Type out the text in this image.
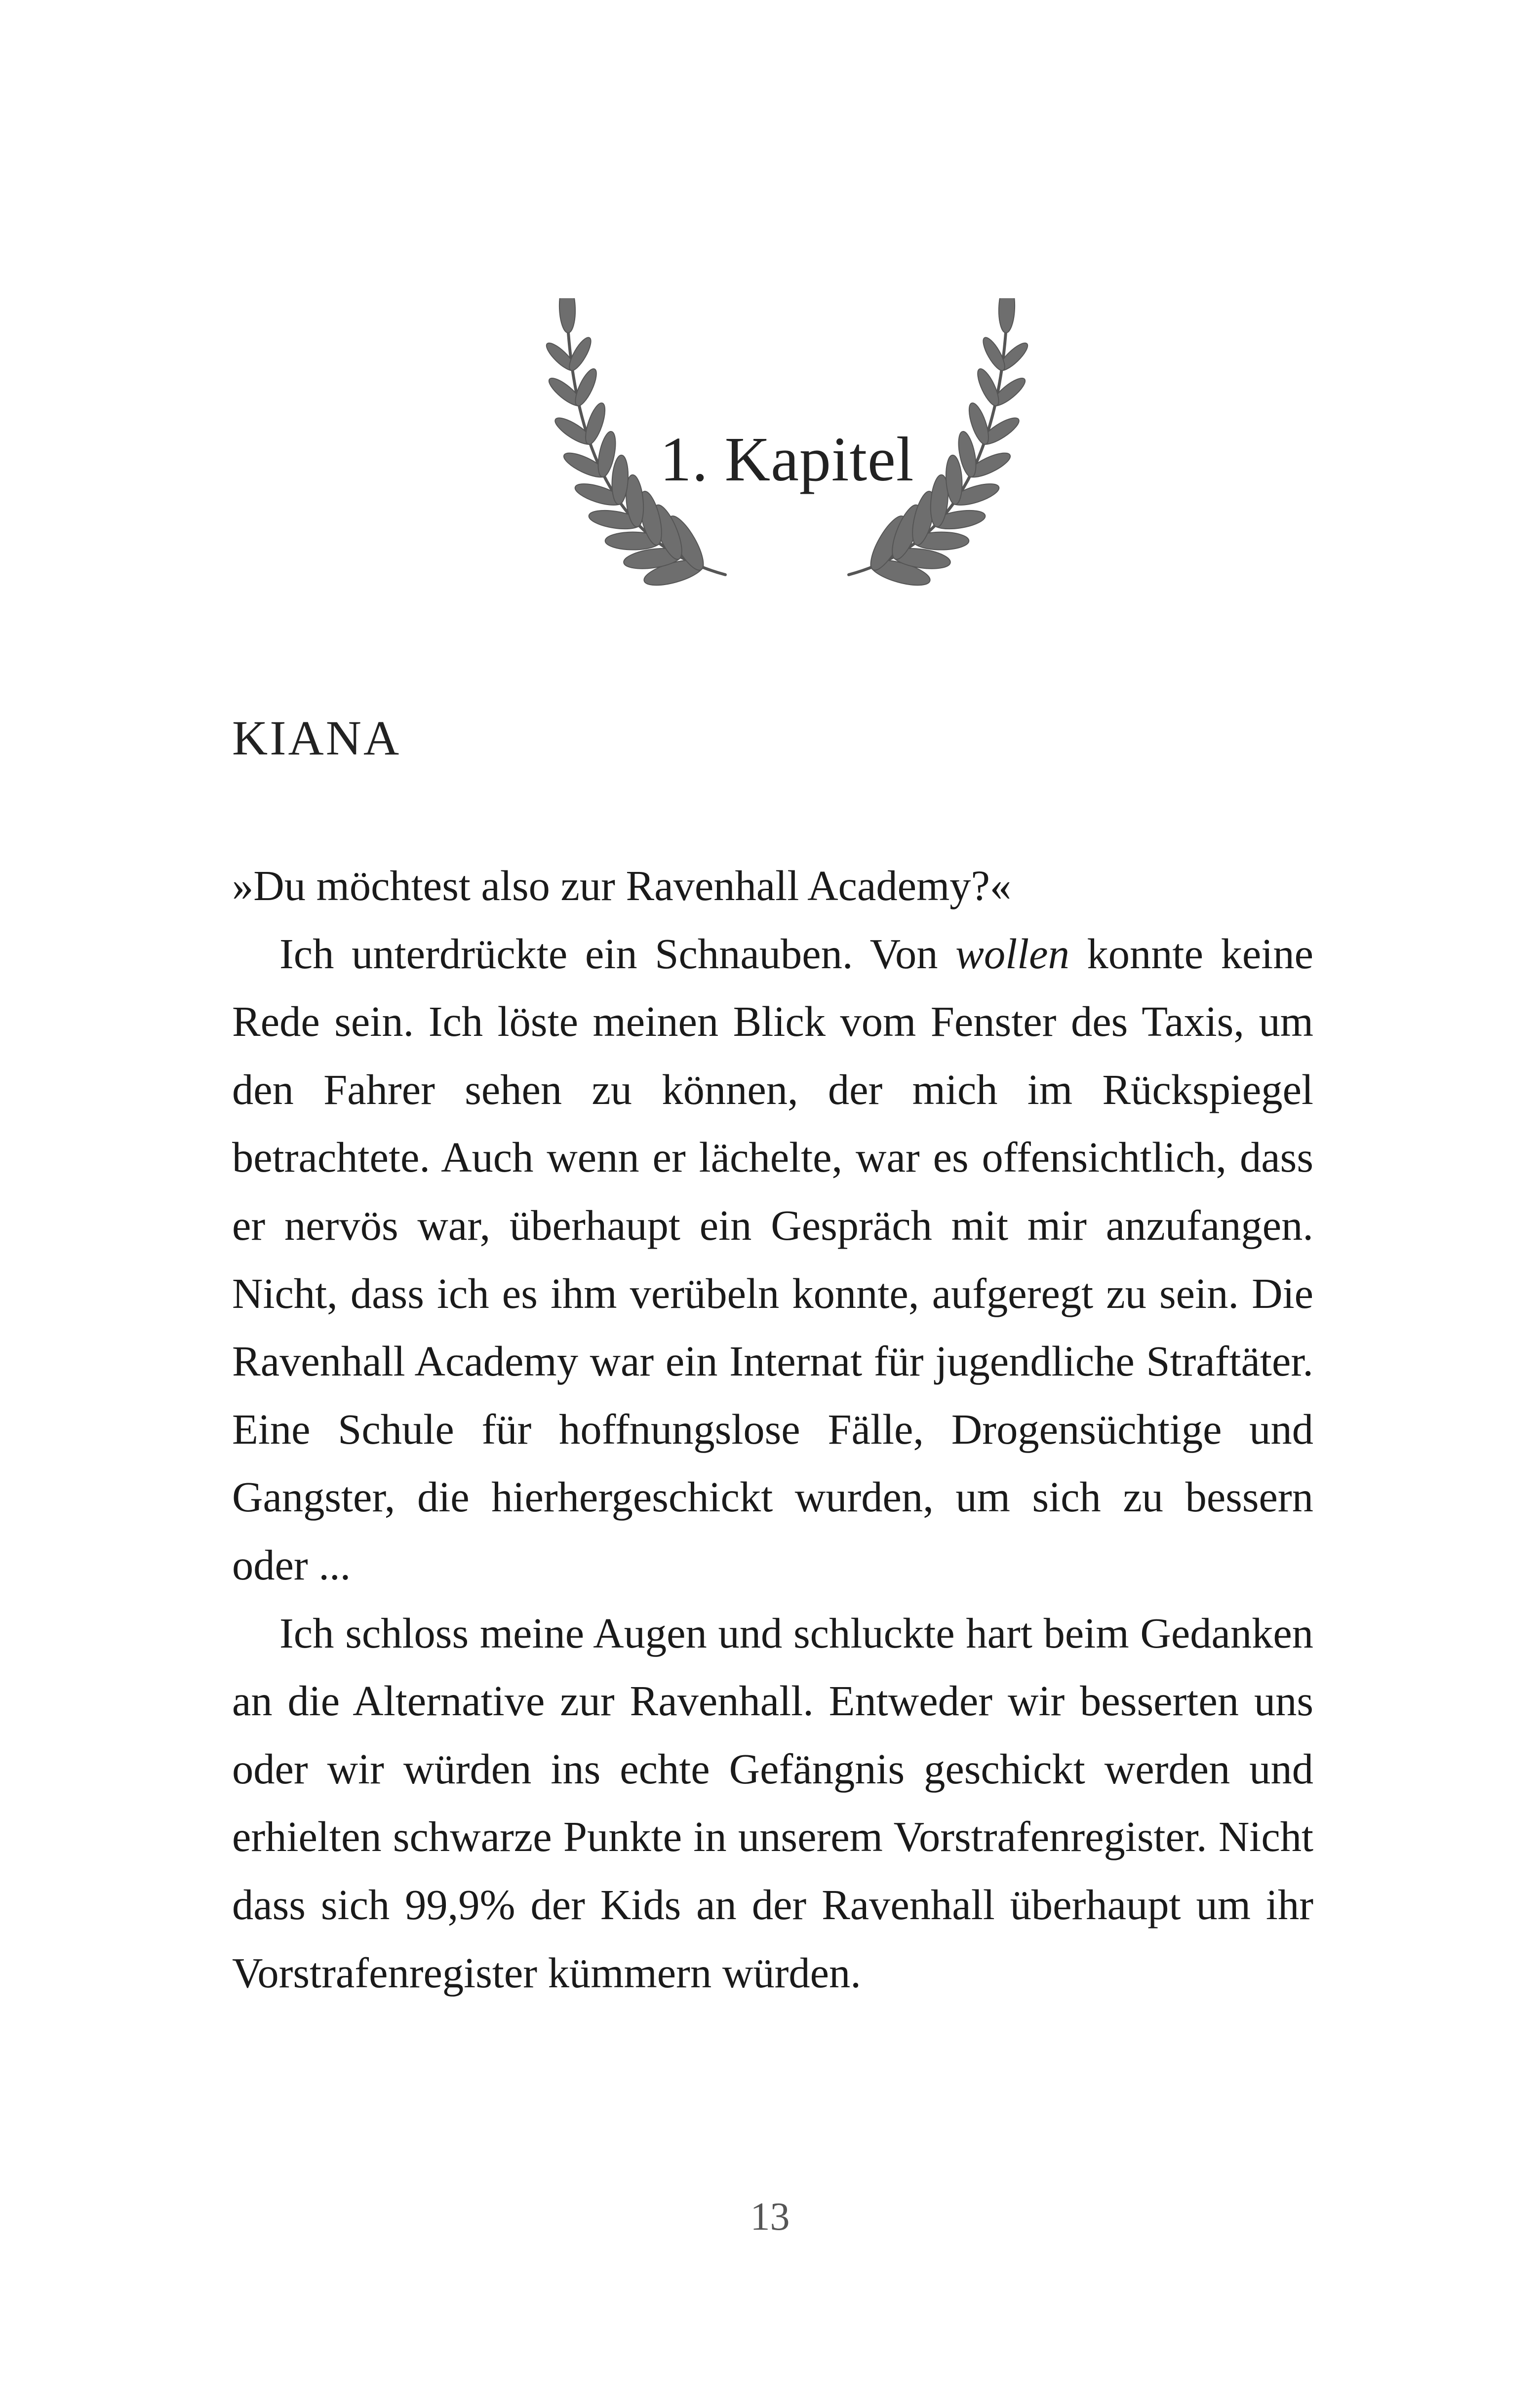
1. Kapitel
KIANA

»Du möchtest also zur Ravenhall Academy?«

Ich unterdrückte ein Schnauben. Von wollen konnte keine Rede sein. Ich löste meinen Blick vom Fenster des Taxis, um den Fahrer sehen zu können, der mich im Rückspiegel betrachtete. Auch wenn er lächelte, war es offensichtlich, dass er nervös war, überhaupt ein Gespräch mit mir anzufangen. Nicht, dass ich es ihm verübeln konnte, aufgeregt zu sein. Die Ravenhall Academy war ein Internat für jugendliche Straftäter. Eine Schule für hoffnungslose Fälle, Drogensüchtige und Gangster, die hierhergeschickt wurden, um sich zu bessern oder ...

Ich schloss meine Augen und schluckte hart beim Gedanken an die Alternative zur Ravenhall. Entweder wir besserten uns oder wir würden ins echte Gefängnis geschickt werden und erhielten schwarze Punkte in unserem Vorstrafenregister. Nicht dass sich 99,9% der Kids an der Ravenhall überhaupt um ihr Vorstrafenregister kümmern würden.

13
